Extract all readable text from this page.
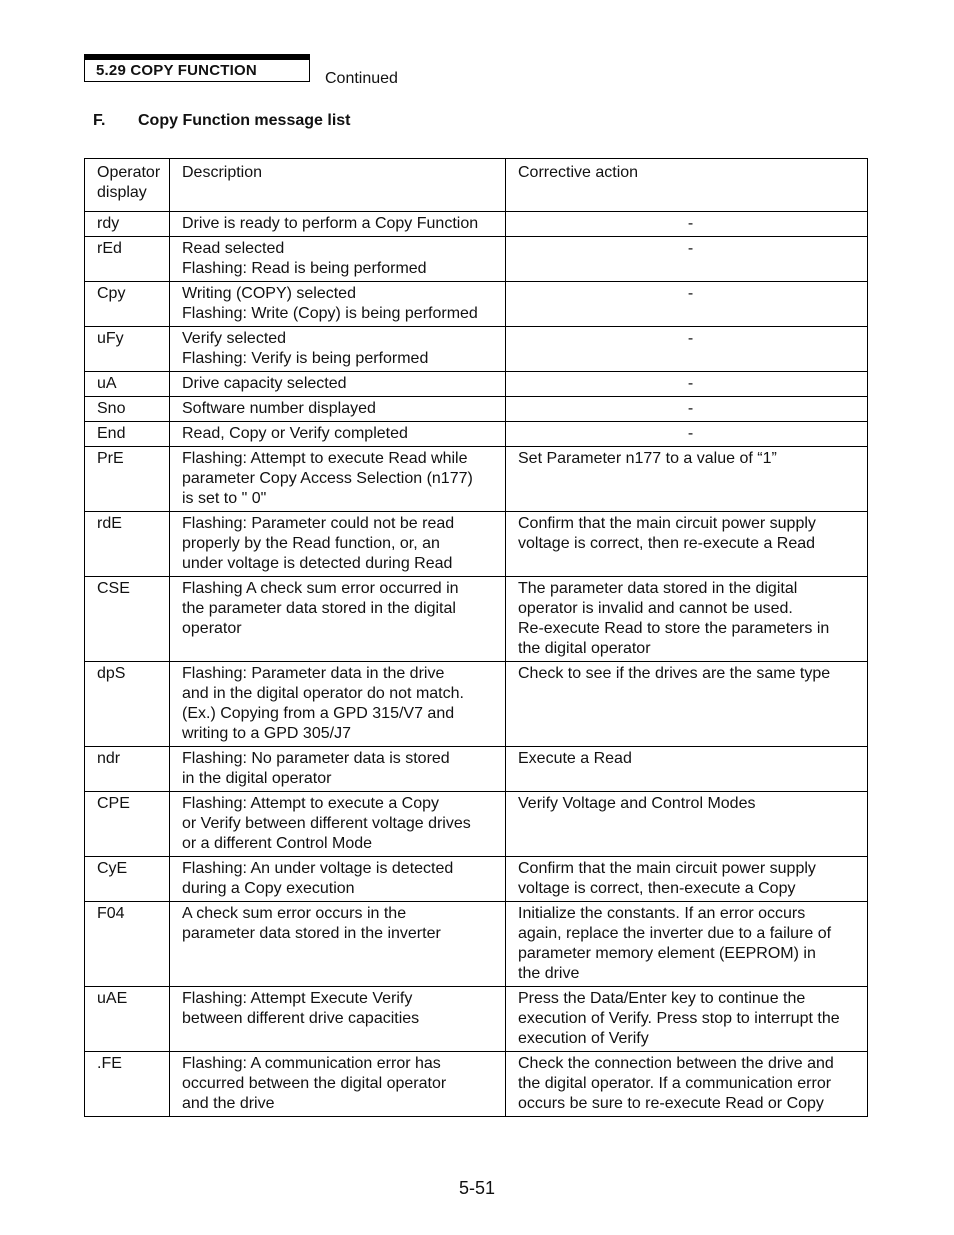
5.29 COPY FUNCTION	Continued
F. Copy Function message list
Operator
display	Description	Corrective action
rdy	Drive is ready to perform a Copy Function	-
rEd	Read selected
Flashing: Read is being performed	-
Cpy	Writing (COPY) selected
Flashing: Write (Copy) is being performed	-
uFy	Verify selected
Flashing: Verify is being performed	-
uA	Drive capacity selected	-
Sno	Software number displayed	-
End	Read, Copy or Verify completed	-
PrE	Flashing: Attempt to execute Read while
parameter Copy Access Selection (n177)
is set to " 0"	Set Parameter n177 to a value of “1”
rdE	Flashing: Parameter could not be read
properly by the Read function, or, an
under voltage is detected during Read	Confirm that the main circuit power supply
voltage is correct, then re-execute a Read
CSE	Flashing A check sum error occurred in
the parameter data stored in the digital
operator	The parameter data stored in the digital
operator is invalid and cannot be used.
Re-execute Read to store the parameters in
the digital operator
dpS	Flashing: Parameter data in the drive
and in the digital operator do not match.
(Ex.) Copying from a GPD 315/V7 and
writing to a GPD 305/J7	Check to see if the drives are the same type
ndr	Flashing: No parameter data is stored
in the digital operator	Execute a Read
CPE	Flashing: Attempt to execute a Copy
or Verify between different voltage drives
or a different Control Mode	Verify Voltage and Control Modes
CyE	Flashing: An under voltage is detected
during a Copy execution	Confirm that the main circuit power supply
voltage is correct, then-execute a Copy
F04	A check sum error occurs in the
parameter data stored in the inverter	Initialize the constants. If an error occurs
again, replace the inverter due to a failure of
parameter memory element (EEPROM) in
the drive
uAE	Flashing: Attempt Execute Verify
between different drive capacities	Press the Data/Enter key to continue the
execution of Verify. Press stop to interrupt the
execution of Verify
.FE	Flashing: A communication error has
occurred between the digital operator
and the drive	Check the connection between the drive and
the digital operator. If a communication error
occurs be sure to re-execute Read or Copy
5-51
